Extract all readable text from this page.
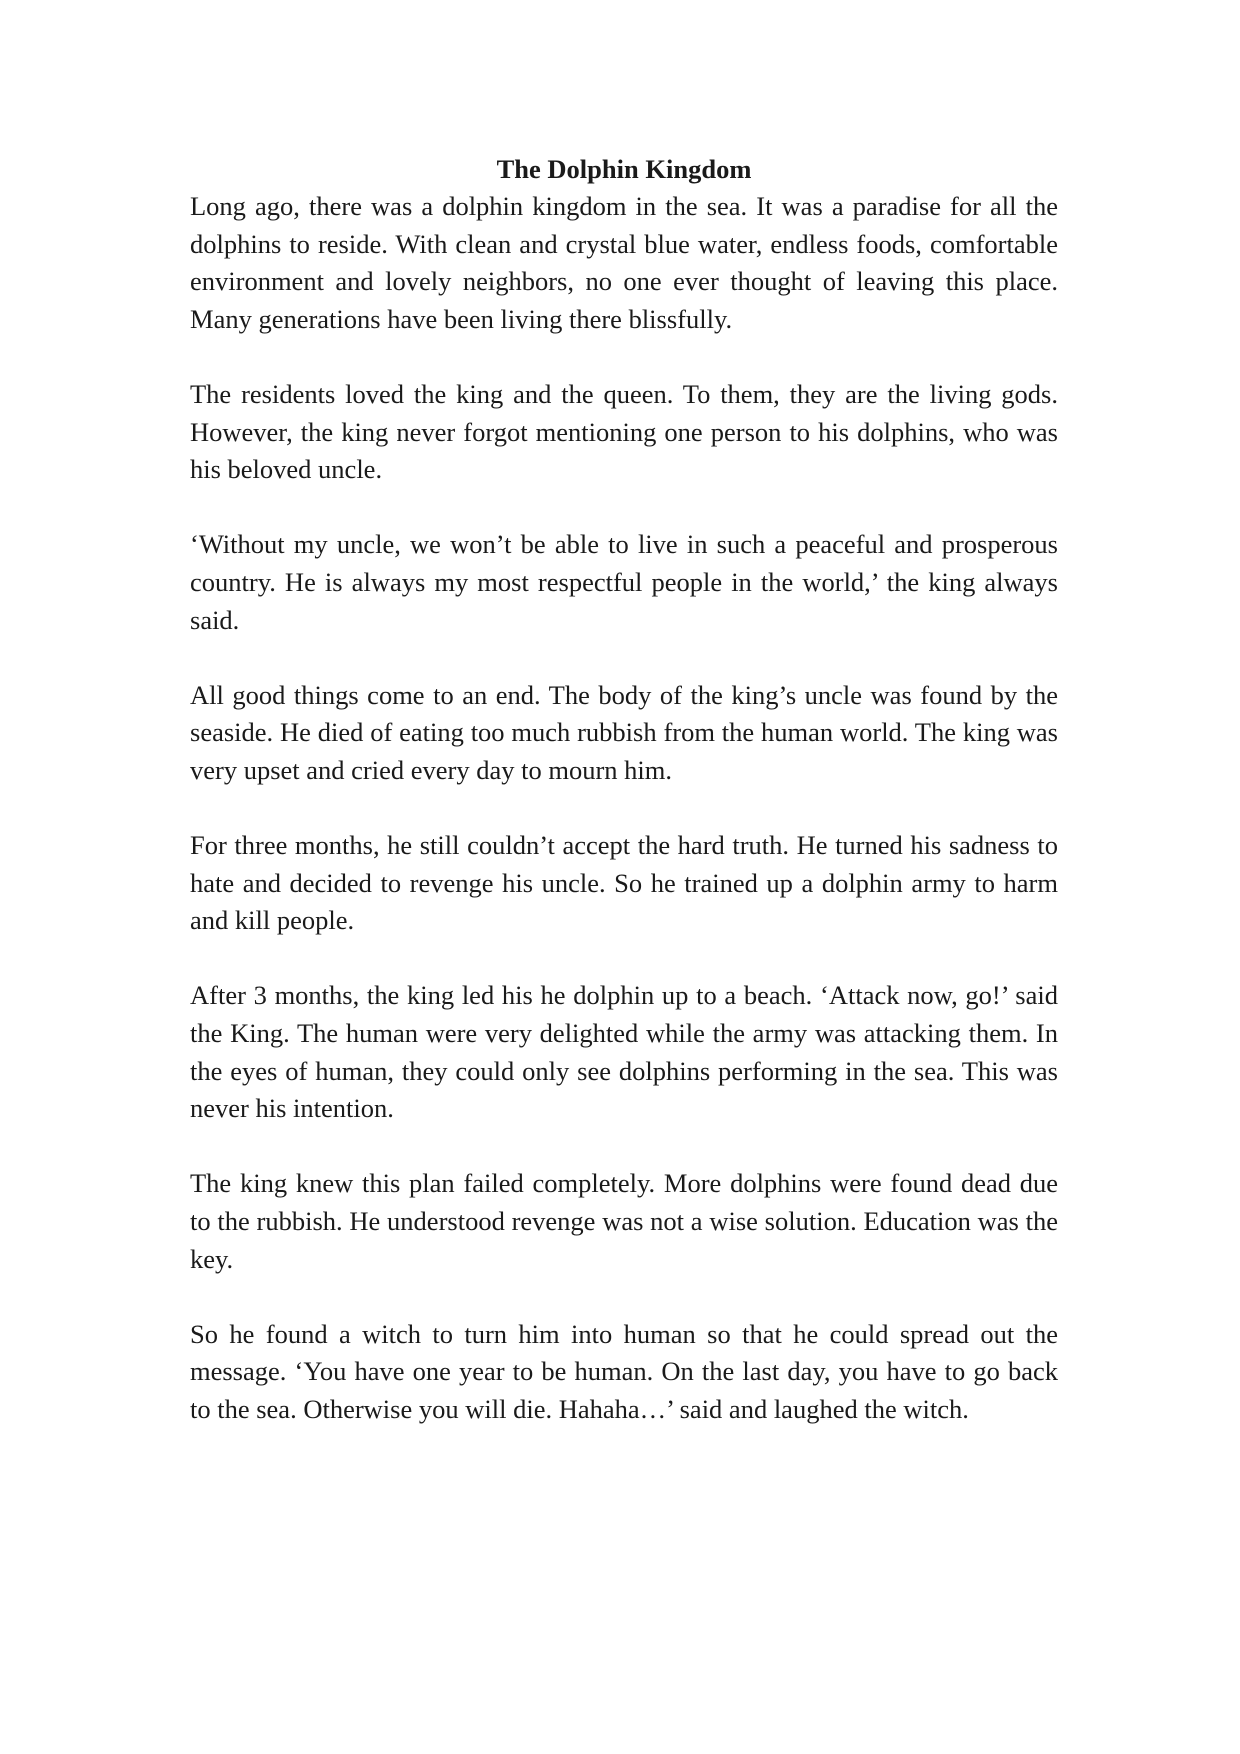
The Dolphin Kingdom

Long ago, there was a dolphin kingdom in the sea. It was a paradise for all the dolphins to reside. With clean and crystal blue water, endless foods, comfortable environment and lovely neighbors, no one ever thought of leaving this place. Many generations have been living there blissfully.

The residents loved the king and the queen. To them, they are the living gods. However, the king never forgot mentioning one person to his dolphins, who was his beloved uncle.

‘Without my uncle, we won’t be able to live in such a peaceful and prosperous country. He is always my most respectful people in the world,’ the king always said.

All good things come to an end. The body of the king’s uncle was found by the seaside. He died of eating too much rubbish from the human world. The king was very upset and cried every day to mourn him.

For three months, he still couldn’t accept the hard truth. He turned his sadness to hate and decided to revenge his uncle. So he trained up a dolphin army to harm and kill people.

After 3 months, the king led his he dolphin up to a beach. ‘Attack now, go!’ said the King. The human were very delighted while the army was attacking them. In the eyes of human, they could only see dolphins performing in the sea. This was never his intention.

The king knew this plan failed completely. More dolphins were found dead due to the rubbish. He understood revenge was not a wise solution. Education was the key.

So he found a witch to turn him into human so that he could spread out the message. ‘You have one year to be human. On the last day, you have to go back to the sea. Otherwise you will die. Hahaha…’ said and laughed the witch.
